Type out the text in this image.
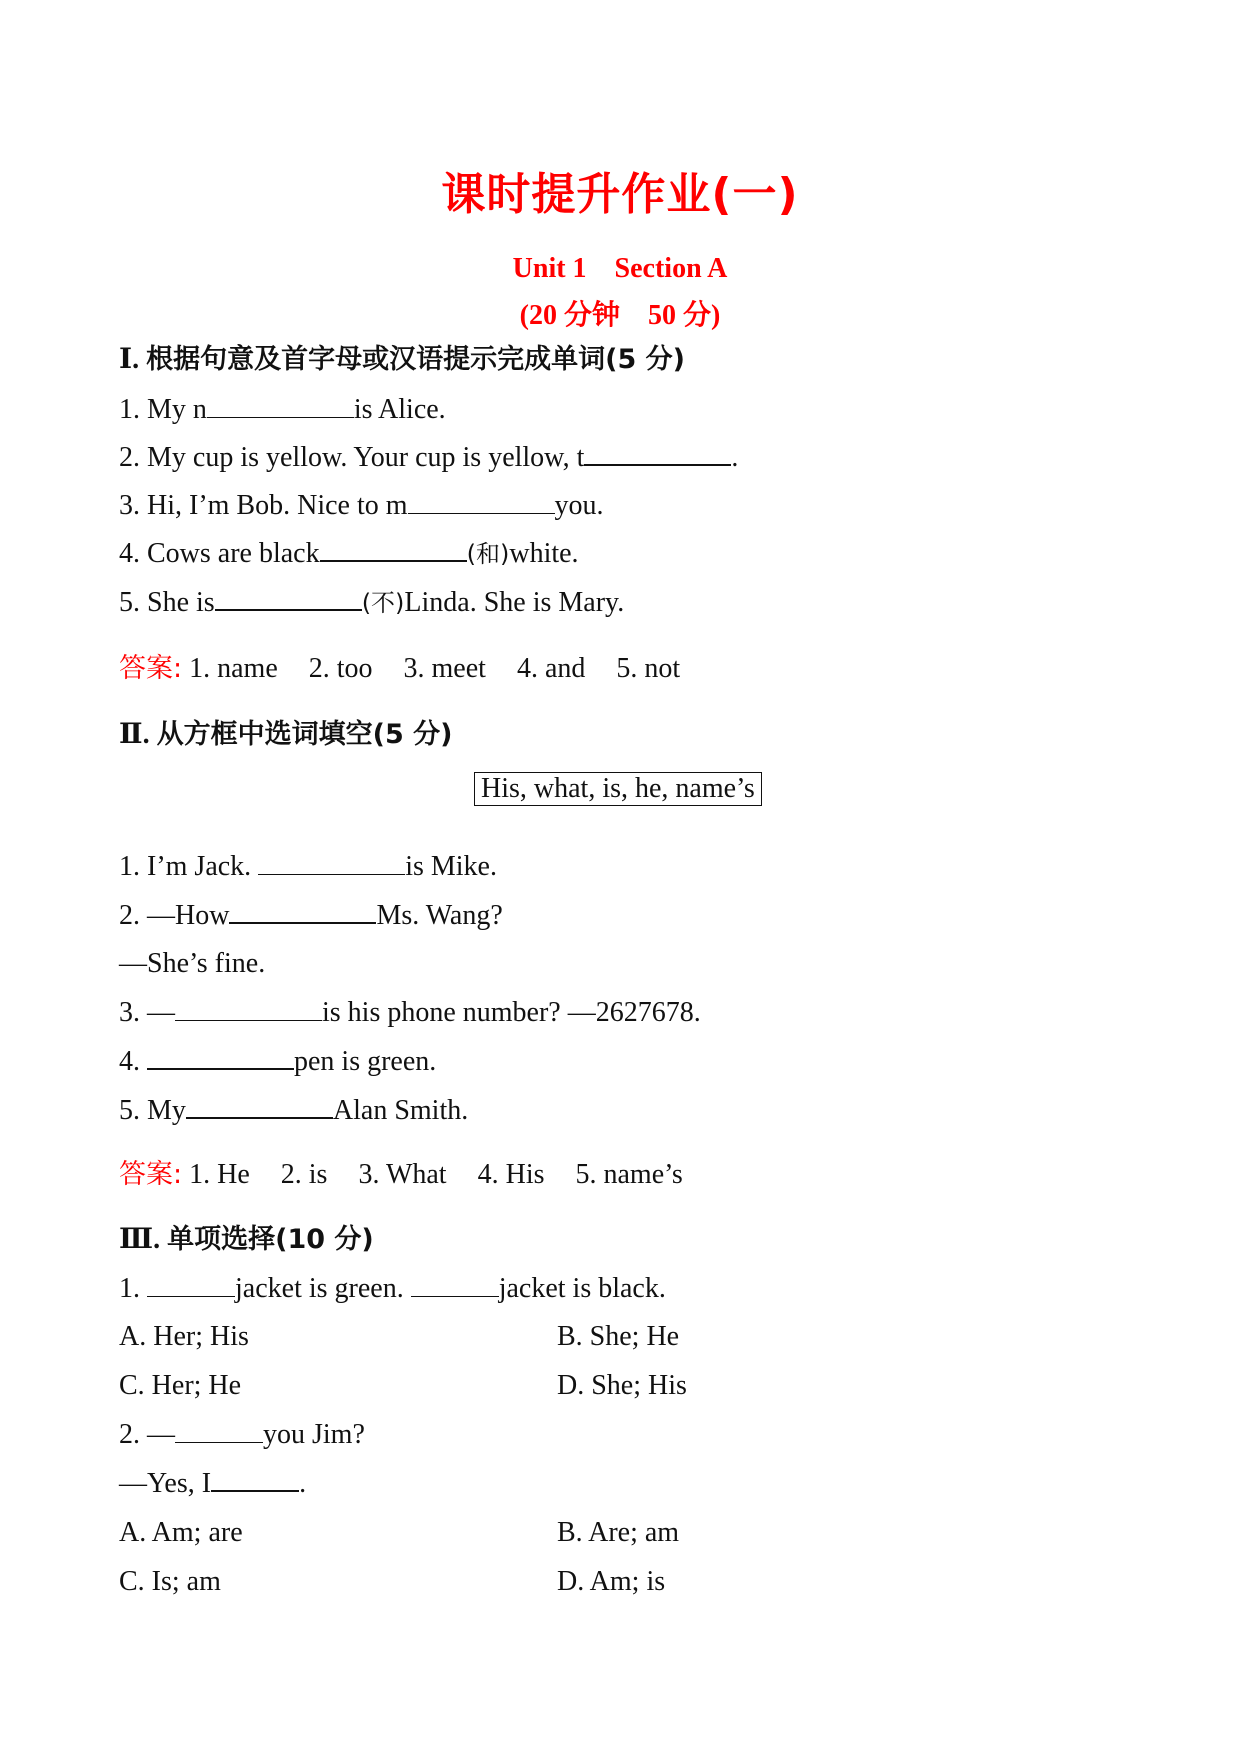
课时提升作业(一)
Unit 1　Section A
(20 分钟　50 分)
Ⅰ. 根据句意及首字母或汉语提示完成单词(5 分)
1. My n	is Alice.
2. My cup is yellow. Your cup is yellow, t	.
3. Hi, I’m Bob. Nice to m	you.
4. Cows are black	(和)white.
5. She is	(不)Linda. She is Mary.
答案: 1. name 2. too 3. meet 4. and 5. not
Ⅱ. 从方框中选词填空(5 分)
His, what, is, he, name’s
1. I’m Jack.	is Mike.
2. —How	Ms. Wang?
—She’s fine.
3. —	is his phone number? —2627678.
4.	pen is green.
5. My	Alan Smith.
答案: 1. He 2. is 3. What 4. His 5. name’s
Ⅲ. 单项选择(10 分)
1.	jacket is green.	jacket is black.
A. Her; His	B. She; He
C. Her; He	D. She; His
2. —	you Jim?
—Yes, I	.
A. Am; are	B. Are; am
C. Is; am	D. Am; is
